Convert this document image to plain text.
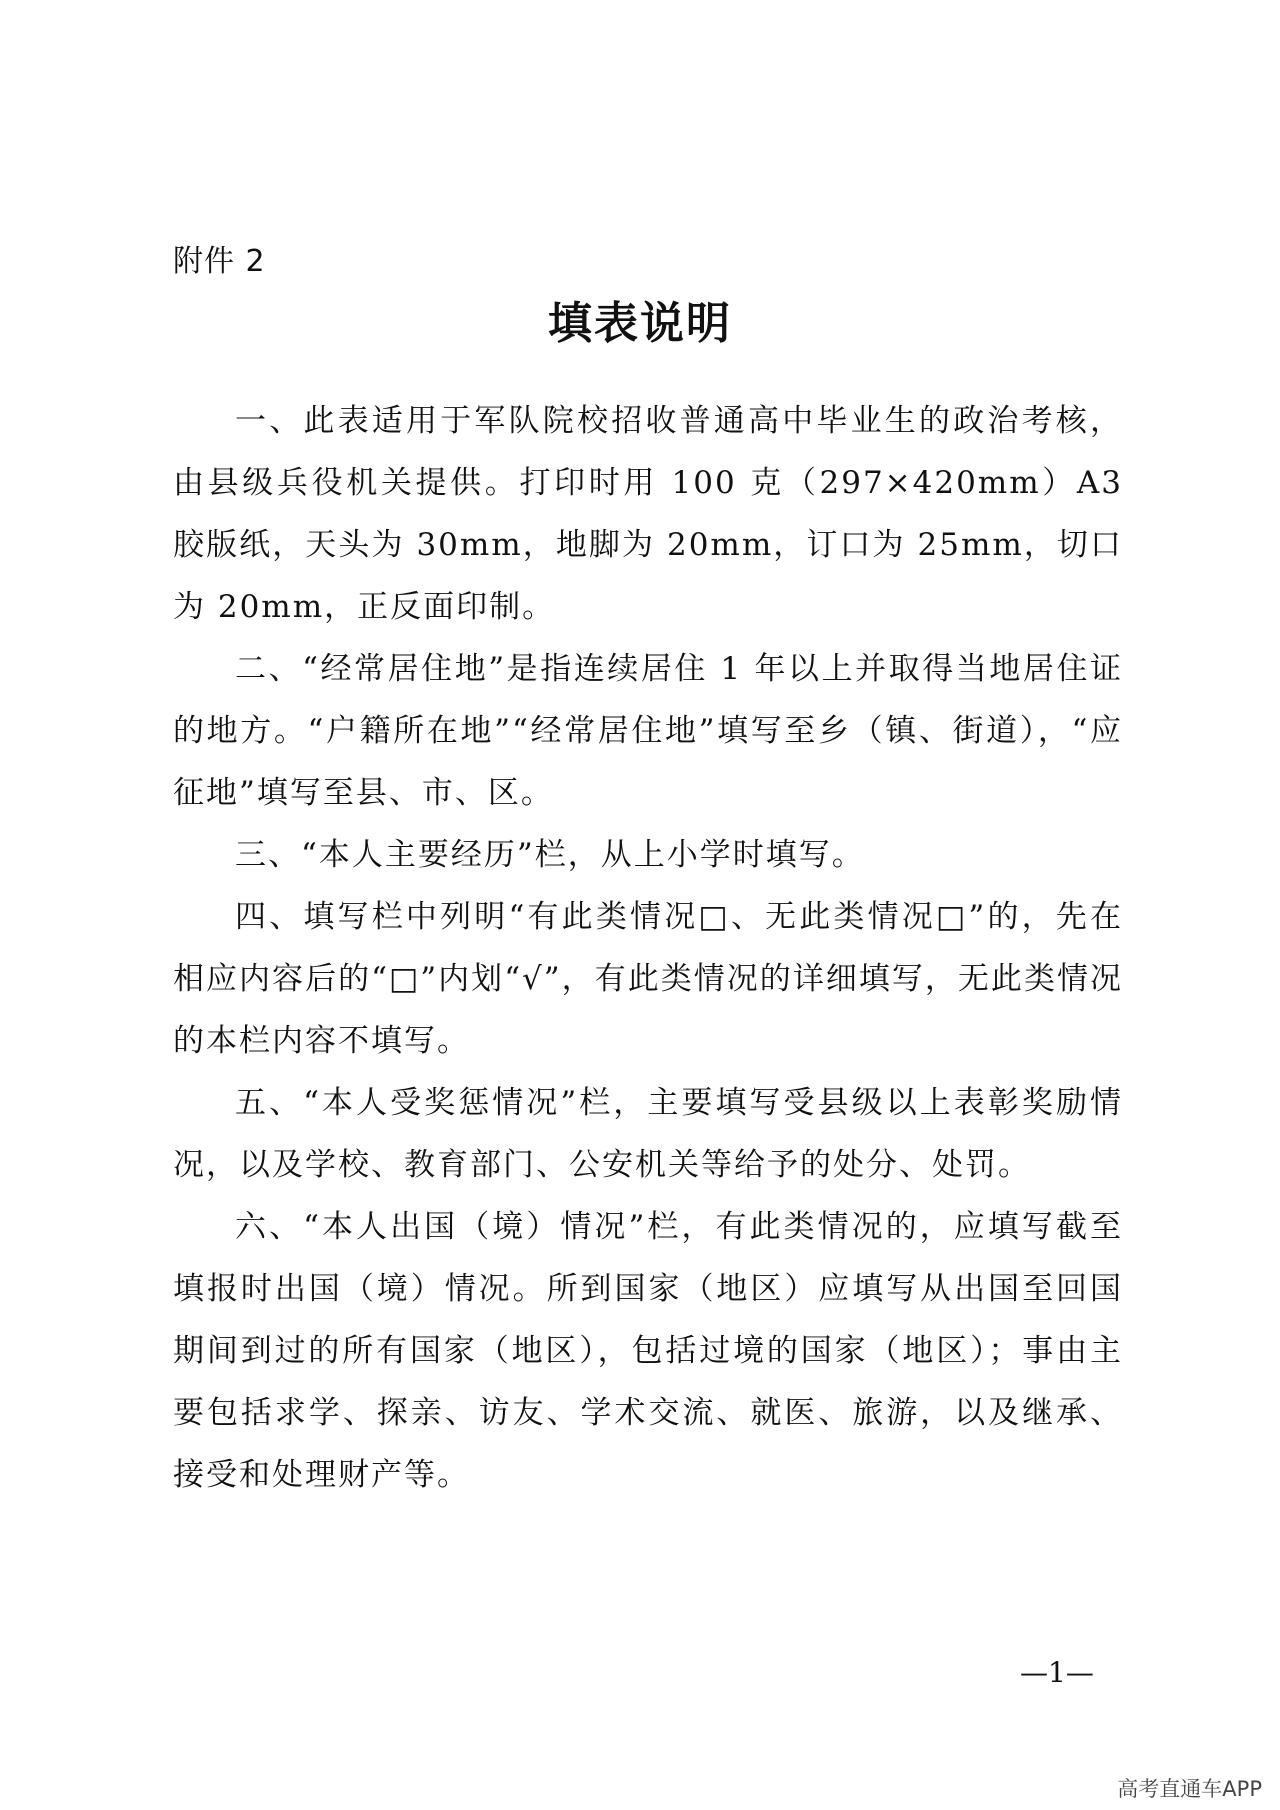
附件 2
填表说明

一、此表适用于军队院校招收普通高中毕业生的政治考核，由县级兵役机关提供。打印时用 100 克（297×420mm）A3 胶版纸，天头为 30mm，地脚为 20mm，订口为 25mm，切口为 20mm，正反面印制。

二、“经常居住地”是指连续居住 1 年以上并取得当地居住证的地方。“户籍所在地”“经常居住地”填写至乡（镇、街道），“应征地”填写至县、市、区。

三、“本人主要经历”栏，从上小学时填写。

四、填写栏中列明“有此类情况□、无此类情况□”的，先在相应内容后的“□”内划“√”，有此类情况的详细填写，无此类情况的本栏内容不填写。

五、“本人受奖惩情况”栏，主要填写受县级以上表彰奖励情况，以及学校、教育部门、公安机关等给予的处分、处罚。

六、“本人出国（境）情况”栏，有此类情况的，应填写截至填报时出国（境）情况。所到国家（地区）应填写从出国至回国期间到过的所有国家（地区），包括过境的国家（地区）；事由主要包括求学、探亲、访友、学术交流、就医、旅游，以及继承、接受和处理财产等。

—1—
高考直通车APP
